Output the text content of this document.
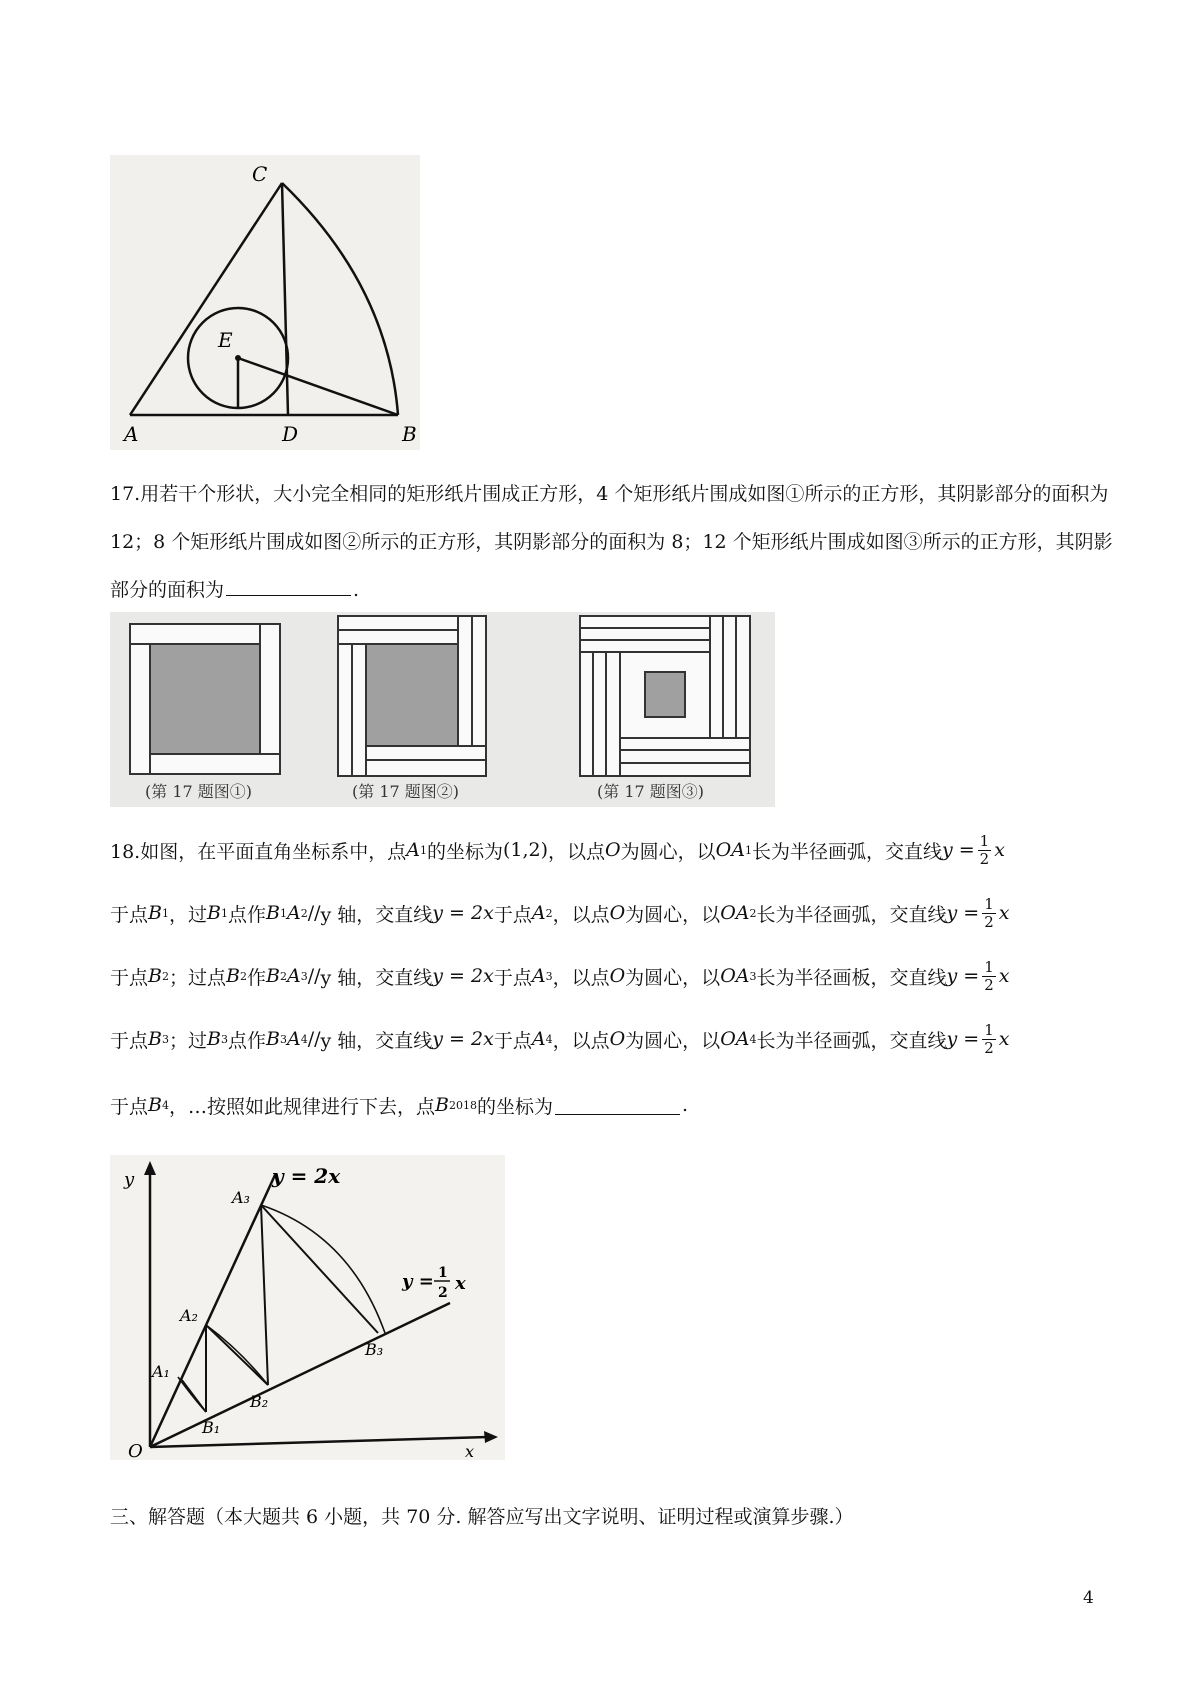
C
E
A	D	B
17.用若干个形状，大小完全相同的矩形纸片围成正方形，4 个矩形纸片围成如图①所示的正方形，其阴影部分的面积为 12；8 个矩形纸片围成如图②所示的正方形，其阴影部分的面积为 8；12 个矩形纸片围成如图③所示的正方形，其阴影部分的面积为	.
(第 17 题图①)	(第 17 题图②)	(第 17 题图③)
18.如图，在平面直角坐标系中，点 A 1 的坐标为 (1,2) ，以点 O 为圆心，以 O A 1 长为半径画弧，交直线 $y = \frac{1}{2}$ x
于点 B 1 ，过 B 1 点作 B 1 A 2 // y 轴，交直线 y = 2x 于点 A 2 ，以点 O 为圆心，以 O A 2 长为半径画弧，交直线 $y = \frac{1}{2}$ x
于点 B 2 ；过点 B 2 作 B 2 A 3 // y 轴，交直线 y = 2x 于点 A 3 ，以点 O 为圆心，以 O A 3 长为半径画板，交直线 $y = \frac{1}{2}$ x
于点 B 3 ；过 B 3 点作 B 3 A 4 // y 轴，交直线 y = 2x 于点 A 4 ，以点 O 为圆心，以 O A 4 长为半径画弧，交直线 $y = \frac{1}{2}$ x
于点 B 4 ，…按照如此规律进行下去，点 B 2018 的坐标为	.
y
x
O
y = 2x
y = 1
2 x
A₃
A₂
A₁
B₁
B₂
B₃
三、解答题（本大题共 6 小题，共 70 分. 解答应写出文字说明、证明过程或演算步骤.）
4
